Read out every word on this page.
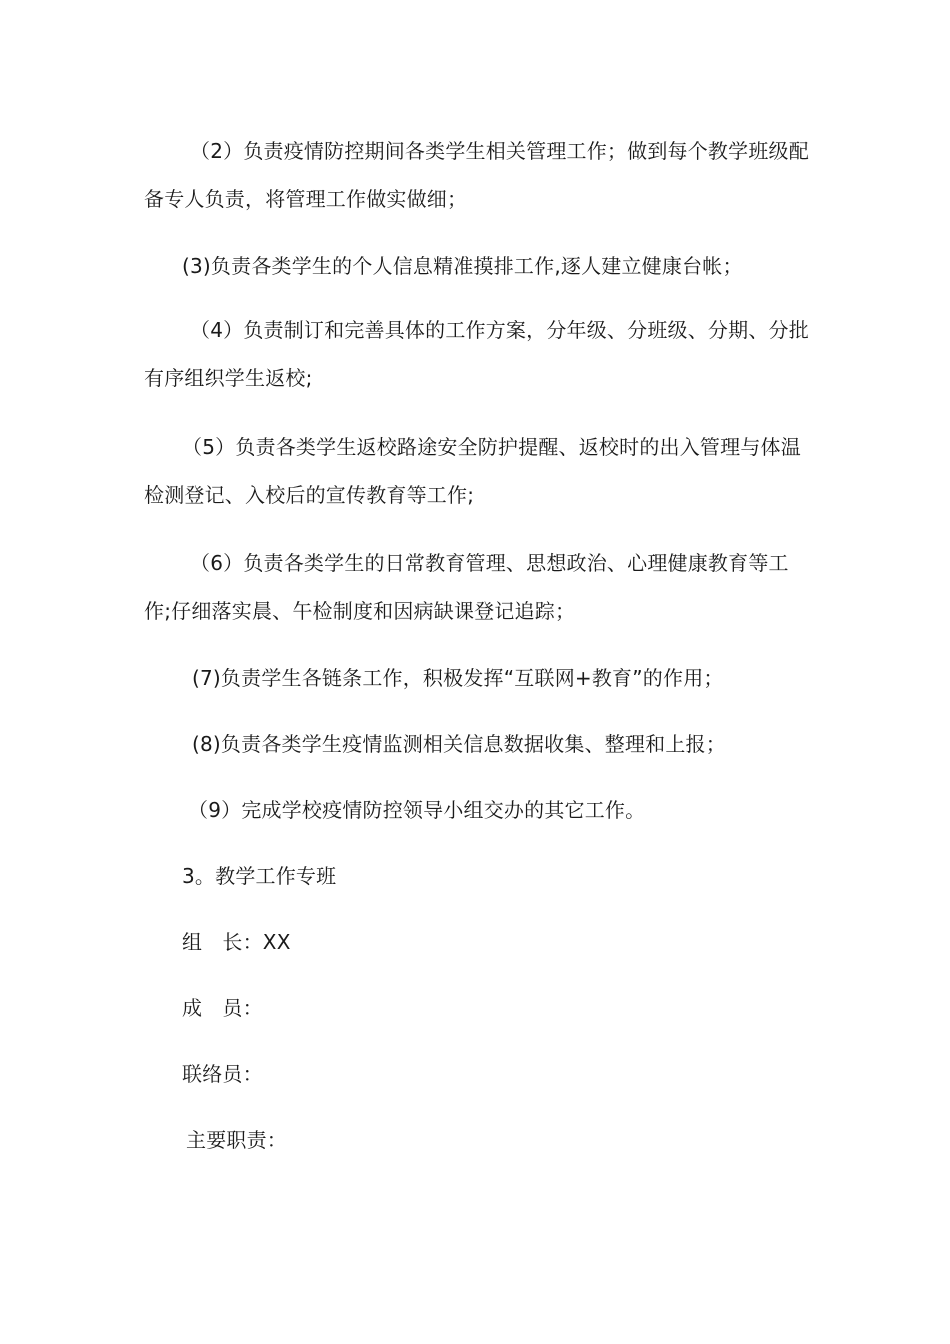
（2）负责疫情防控期间各类学生相关管理工作；做到每个教学班级配备专人负责，将管理工作做实做细；

(3)负责各类学生的个人信息精准摸排工作,逐人建立健康台帐；

（4）负责制订和完善具体的工作方案，分年级、分班级、分期、分批有序组织学生返校;

（5）负责各类学生返校路途安全防护提醒、返校时的出入管理与体温检测登记、入校后的宣传教育等工作;

（6）负责各类学生的日常教育管理、思想政治、心理健康教育等工作;仔细落实晨、午检制度和因病缺课登记追踪；

(7)负责学生各链条工作，积极发挥“互联网+教育”的作用；

(8)负责各类学生疫情监测相关信息数据收集、整理和上报；

（9）完成学校疫情防控领导小组交办的其它工作。

3。教学工作专班

组　长：XX

成　员：

联络员：

主要职责：
